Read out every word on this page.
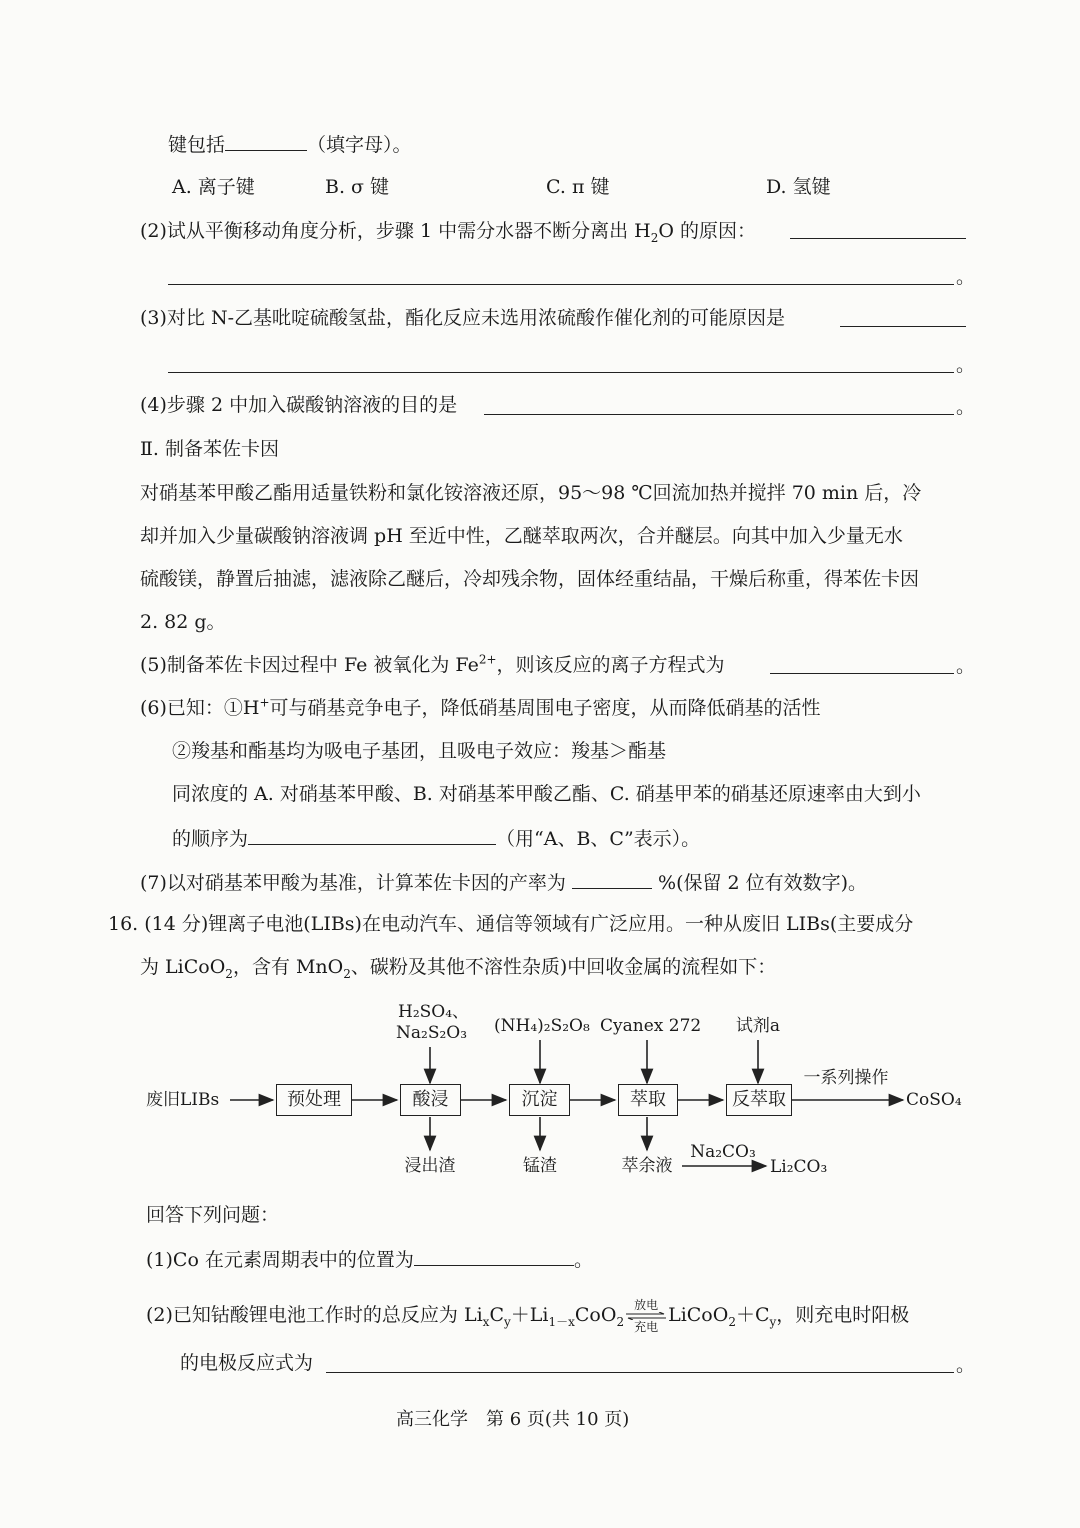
键包括	（填字母）。
A. 离子键	B. σ 键	C. π 键	D. 氢键
(2)试从平衡移动角度分析，步骤 1 中需分水器不断分离出 $H_2O$ 的原因：
。
(3)对比 N-乙基吡啶硫酸氢盐，酯化反应未选用浓硫酸作催化剂的可能原因是
。
(4)步骤 2 中加入碳酸钠溶液的目的是	。
Ⅱ. 制备苯佐卡因
对硝基苯甲酸乙酯用适量铁粉和氯化铵溶液还原，95～98 ℃回流加热并搅拌 70 min 后，冷
却并加入少量碳酸钠溶液调 pH 至近中性，乙醚萃取两次，合并醚层。向其中加入少量无水
硫酸镁，静置后抽滤，滤液除乙醚后，冷却残余物，固体经重结晶，干燥后称重，得苯佐卡因
2. 82 g。
(5)制备苯佐卡因过程中 Fe 被氧化为 $Fe^{2+}$，则该反应的离子方程式为	。
(6)已知：①H+可与硝基竞争电子，降低硝基周围电子密度，从而降低硝基的活性
②羧基和酯基均为吸电子基团，且吸电子效应：羧基＞酯基
同浓度的 A. 对硝基苯甲酸、B. 对硝基苯甲酸乙酯、C. 硝基甲苯的硝基还原速率由大到小
的顺序为	（用“A、B、C”表示）。
(7)以对硝基苯甲酸为基准，计算苯佐卡因的产率为	%(保留 2 位有效数字)。
16. (14 分)锂离子电池(LIBs)在电动汽车、通信等领域有广泛应用。一种从废旧 LIBs(主要成分
为 LiCoO$_2$，含有 MnO$_2$、碳粉及其他不溶性杂质)中回收金属的流程如下：
废旧LIBs	预处理	酸浸	沉淀	萃取	反萃取
H₂SO₄、
Na₂S₂O₃ (NH₄)₂S₂O₈ Cyanex 272	试剂a
一系列操作
CoSO₄
浸出渣	锰渣	萃余液
Na₂CO₃
Li₂CO₃
回答下列问题：
(1)Co 在元素周期表中的位置为	。
(2)已知钴酸锂电池工作时的总反应为 $Li_xC_y+Li_{1-x}CoO_2$
放电
充电
$LiCoO_2+C_y$，则充电时阳极
的电极反应式为	。
高三化学　第 6 页(共 10 页)
